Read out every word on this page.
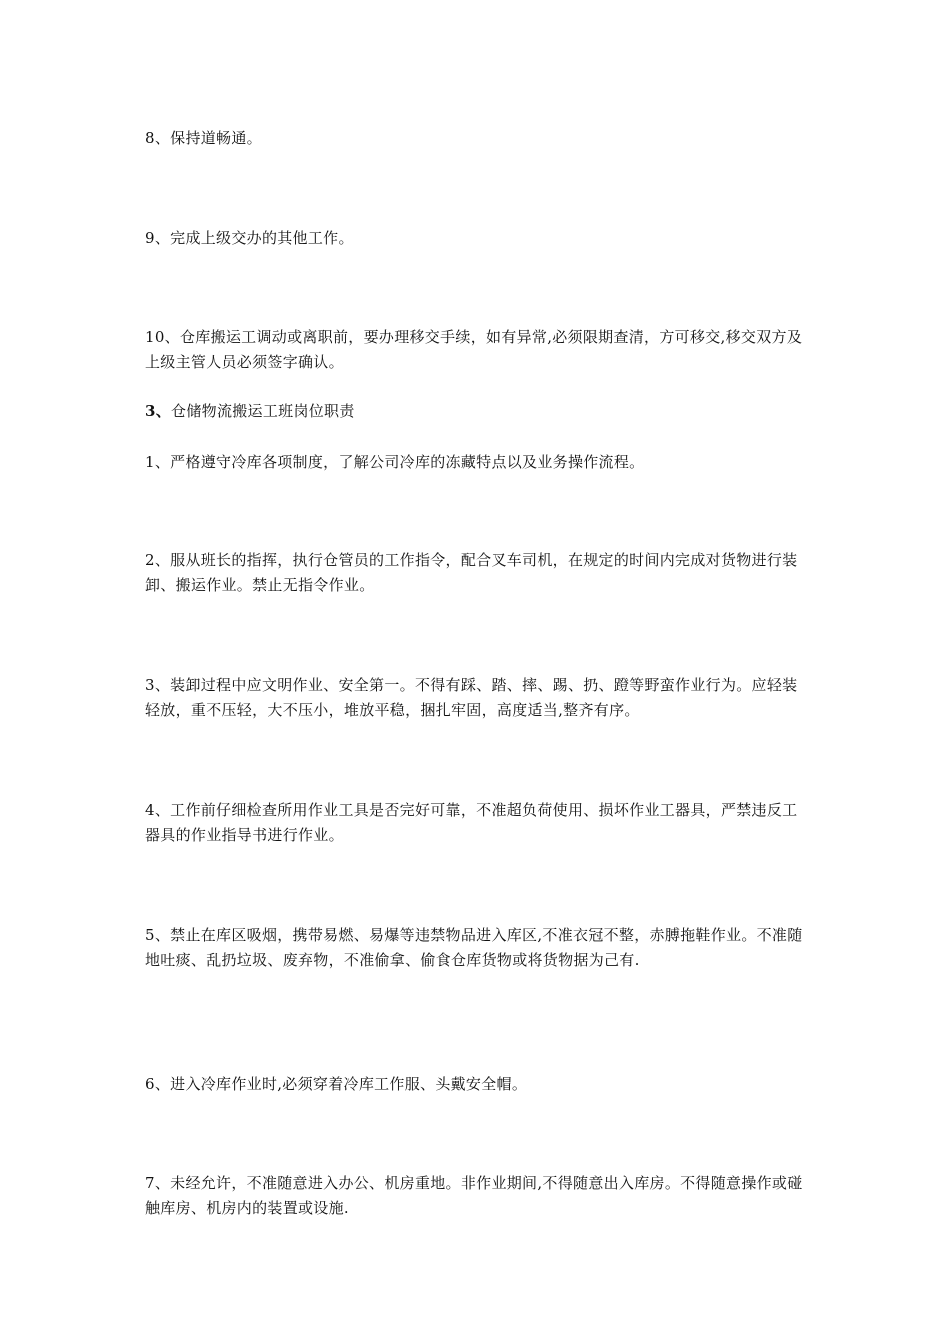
8、保持道畅通。

9、完成上级交办的其他工作。

10、仓库搬运工调动或离职前，要办理移交手续，如有异常,必须限期查清，方可移交,移交双方及上级主管人员必须签字确认。

3、仓储物流搬运工班岗位职责

1、严格遵守冷库各项制度，了解公司冷库的冻藏特点以及业务操作流程。

2、服从班长的指挥，执行仓管员的工作指令，配合叉车司机，在规定的时间内完成对货物进行装卸、搬运作业。禁止无指令作业。

3、装卸过程中应文明作业、安全第一。不得有踩、踏、摔、踢、扔、蹬等野蛮作业行为。应轻装轻放，重不压轻，大不压小，堆放平稳，捆扎牢固，高度适当,整齐有序。

4、工作前仔细检查所用作业工具是否完好可靠，不准超负荷使用、损坏作业工器具，严禁违反工器具的作业指导书进行作业。

5、禁止在库区吸烟，携带易燃、易爆等违禁物品进入库区,不准衣冠不整，赤膊拖鞋作业。不准随地吐痰、乱扔垃圾、废弃物，不准偷拿、偷食仓库货物或将货物据为己有.

6、进入冷库作业时,必须穿着冷库工作服、头戴安全帽。

7、未经允许，不准随意进入办公、机房重地。非作业期间,不得随意出入库房。不得随意操作或碰触库房、机房内的装置或设施.
